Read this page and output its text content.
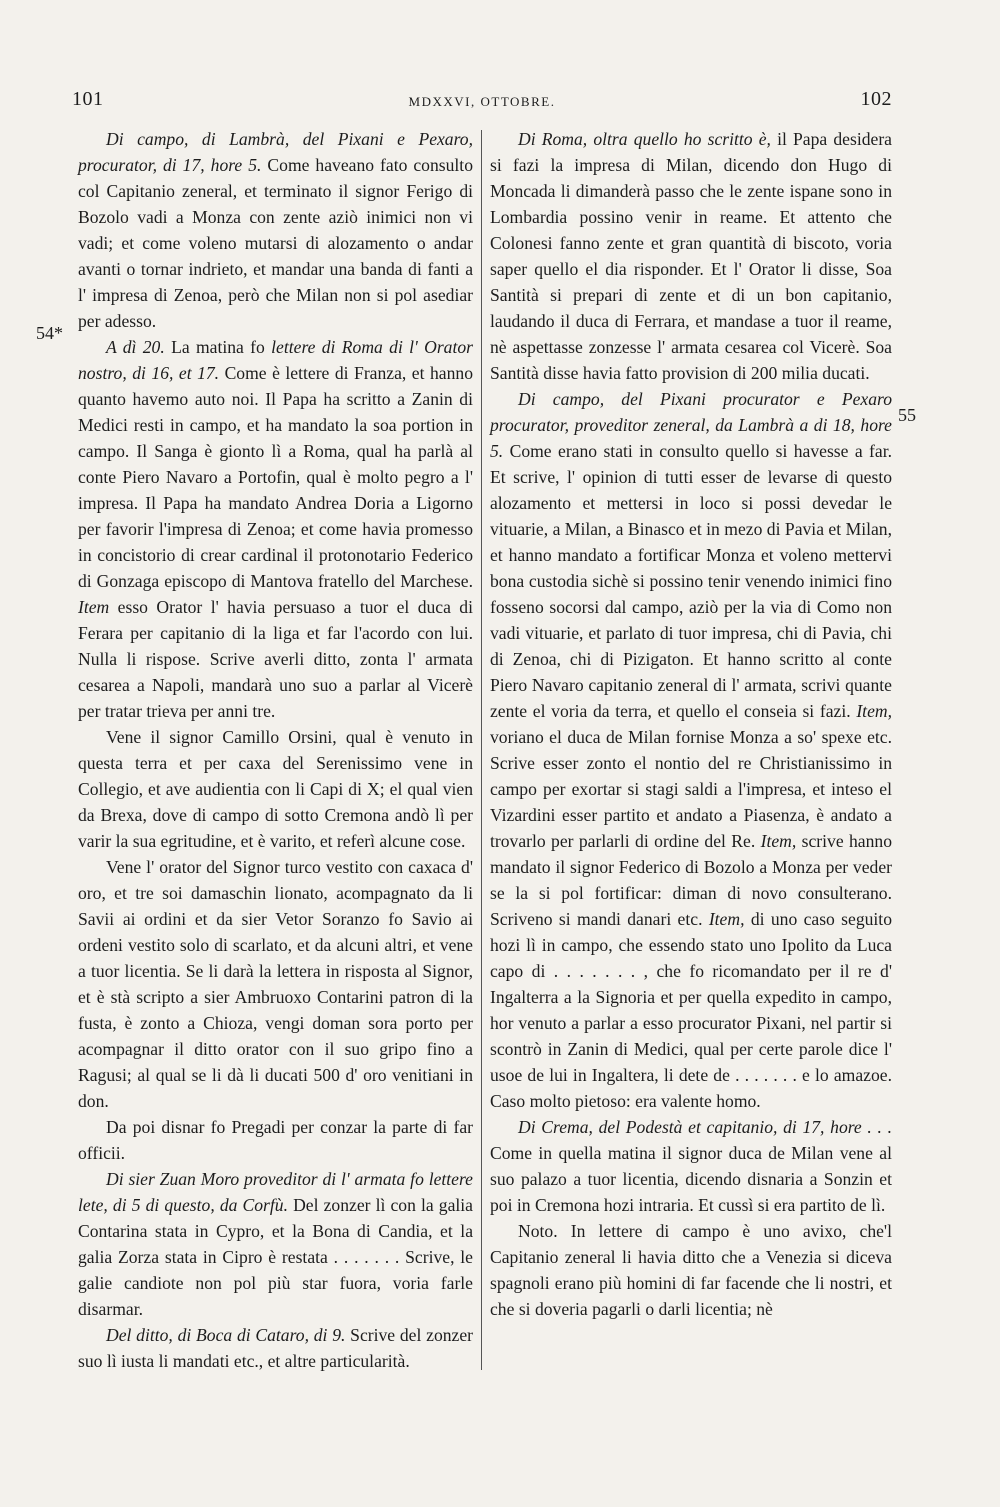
101	MDXXVI, OTTOBRE.	102
54*
55

Di campo, di Lambrà, del Pixani e Pexaro, procurator, di 17, hore 5. Come haveano fato consulto col Capitanio zeneral, et terminato il signor Ferigo di Bozolo vadi a Monza con zente aziò inimici non vi vadi; et come voleno mutarsi di alozamento o andar avanti o tornar indrieto, et mandar una banda di fanti a l' impresa di Zenoa, però che Milan non si pol asediar per adesso.

A dì 20. La matina fo lettere di Roma di l' Orator nostro, di 16, et 17. Come è lettere di Franza, et hanno quanto havemo auto noi. Il Papa ha scritto a Zanin di Medici resti in campo, et ha mandato la soa portion in campo. Il Sanga è gionto lì a Roma, qual ha parlà al conte Piero Navaro a Portofin, qual è molto pegro a l' impresa. Il Papa ha mandato Andrea Doria a Ligorno per favorir l'impresa di Zenoa; et come havia promesso in concistorio di crear cardinal il protonotario Federico di Gonzaga episcopo di Mantova fratello del Marchese. Item esso Orator l' havia persuaso a tuor el duca di Ferara per capitanio di la liga et far l'acordo con lui. Nulla li rispose. Scrive averli ditto, zonta l' armata cesarea a Napoli, mandarà uno suo a parlar al Vicerè per tratar trieva per anni tre.

Vene il signor Camillo Orsini, qual è venuto in questa terra et per caxa del Serenissimo vene in Collegio, et ave audientia con li Capi di X; el qual vien da Brexa, dove di campo di sotto Cremona andò lì per varir la sua egritudine, et è varito, et referì alcune cose.

Vene l' orator del Signor turco vestito con caxaca d' oro, et tre soi damaschin lionato, acompagnato da li Savii ai ordini et da sier Vetor Soranzo fo Savio ai ordeni vestito solo di scarlato, et da alcuni altri, et vene a tuor licentia. Se li darà la lettera in risposta al Signor, et è stà scripto a sier Ambruoxo Contarini patron di la fusta, è zonto a Chioza, vengi doman sora porto per acompagnar il ditto orator con il suo gripo fino a Ragusi; al qual se li dà li ducati 500 d' oro venitiani in don.

Da poi disnar fo Pregadi per conzar la parte di far officii.

Di sier Zuan Moro proveditor di l' armata fo lettere lete, di 5 di questo, da Corfù. Del zonzer lì con la galia Contarina stata in Cypro, et la Bona di Candia, et la galia Zorza stata in Cipro è restata . . . . . . . Scrive, le galie candiote non pol più star fuora, voria farle disarmar.

Del ditto, di Boca di Cataro, di 9. Scrive del zonzer suo lì iusta li mandati etc., et altre particularità.

Di Roma, oltra quello ho scritto è, il Papa desidera si fazi la impresa di Milan, dicendo don Hugo di Moncada li dimanderà passo che le zente ispane sono in Lombardia possino venir in reame. Et attento che Colonesi fanno zente et gran quantità di biscoto, voria saper quello el dia risponder. Et l' Orator li disse, Soa Santità si prepari di zente et di un bon capitanio, laudando il duca di Ferrara, et mandase a tuor il reame, nè aspettasse zonzesse l' armata cesarea col Vicerè. Soa Santità disse havia fatto provision di 200 milia ducati.

Di campo, del Pixani procurator e Pexaro procurator, proveditor zeneral, da Lambrà a di 18, hore 5. Come erano stati in consulto quello si havesse a far. Et scrive, l' opinion di tutti esser de levarse di questo alozamento et mettersi in loco si possi devedar le vituarie, a Milan, a Binasco et in mezo di Pavia et Milan, et hanno mandato a fortificar Monza et voleno mettervi bona custodia sichè si possino tenir venendo inimici fino fosseno socorsi dal campo, aziò per la via di Como non vadi vituarie, et parlato di tuor impresa, chi di Pavia, chi di Zenoa, chi di Pizigaton. Et hanno scritto al conte Piero Navaro capitanio zeneral di l' armata, scrivi quante zente el voria da terra, et quello el conseia si fazi. Item, voriano el duca de Milan fornise Monza a so' spexe etc. Scrive esser zonto el nontio del re Christianissimo in campo per exortar si stagi saldi a l'impresa, et inteso el Vizardini esser partito et andato a Piasenza, è andato a trovarlo per parlarli di ordine del Re. Item, scrive hanno mandato il signor Federico di Bozolo a Monza per veder se la si pol fortificar: diman di novo consulterano. Scriveno si mandi danari etc. Item, di uno caso seguito hozi lì in campo, che essendo stato uno Ipolito da Luca capo di . . . . . . . , che fo ricomandato per il re d' Ingalterra a la Signoria et per quella expedito in campo, hor venuto a parlar a esso procurator Pixani, nel partir si scontrò in Zanin di Medici, qual per certe parole dice l' usoe de lui in Ingaltera, li dete de . . . . . . . e lo amazoe. Caso molto pietoso: era valente homo.

Di Crema, del Podestà et capitanio, di 17, hore . . . Come in quella matina il signor duca de Milan vene al suo palazo a tuor licentia, dicendo disnaria a Sonzin et poi in Cremona hozi intraria. Et cussì si era partito de lì.

Noto. In lettere di campo è uno avixo, che'l Capitanio zeneral li havia ditto che a Venezia si diceva spagnoli erano più homini di far facende che li nostri, et che si doveria pagarli o darli licentia; nè
